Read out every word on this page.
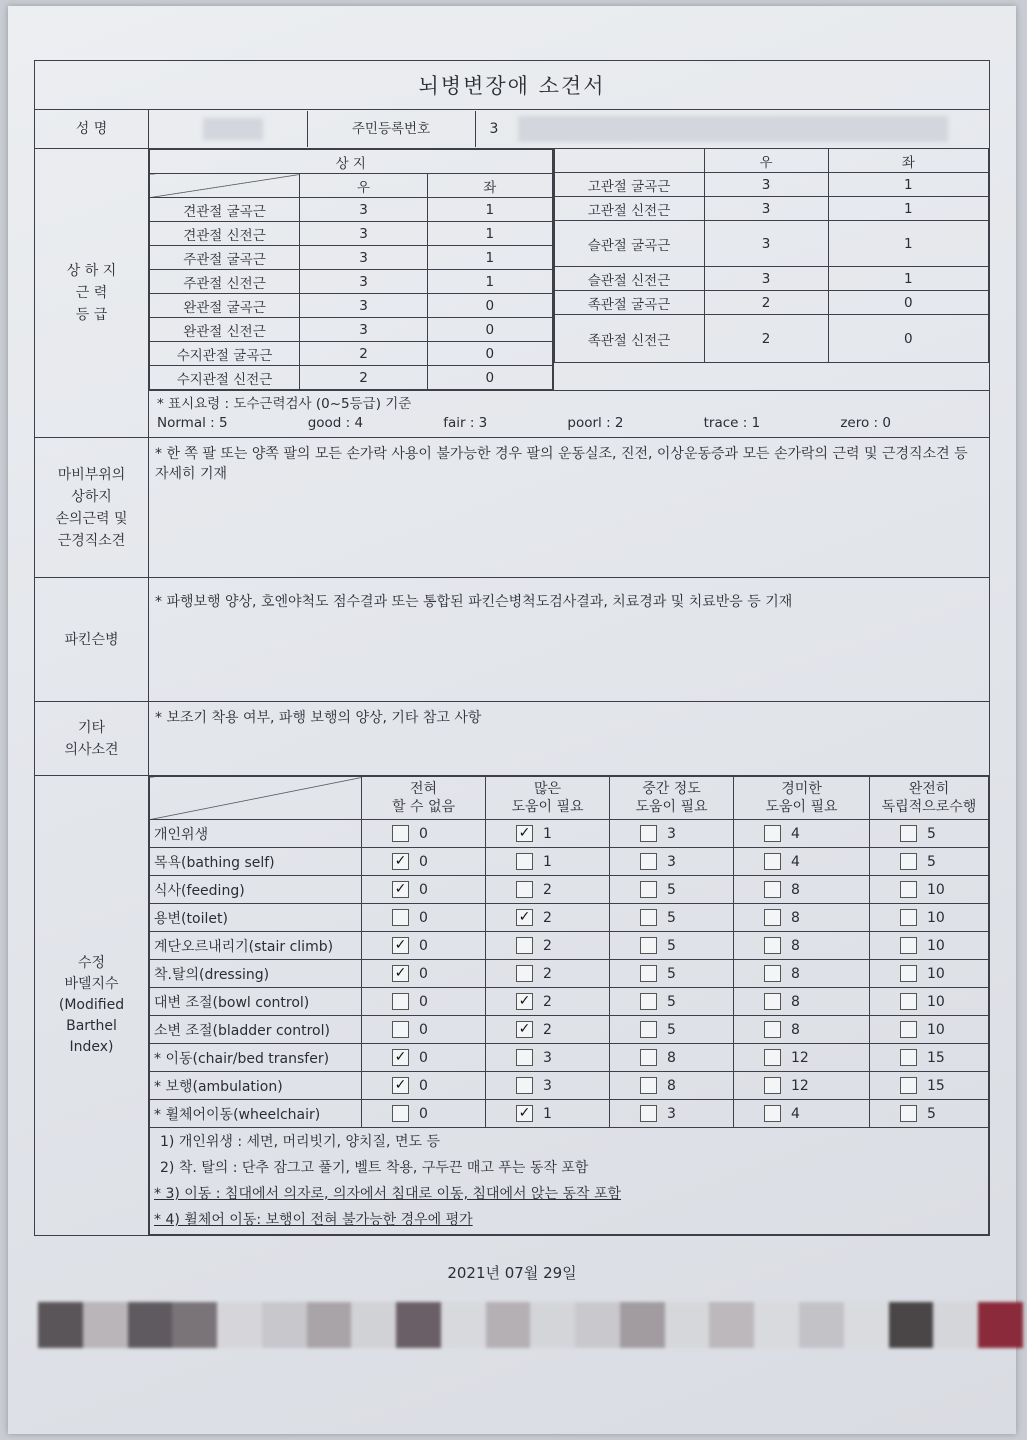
뇌병변장애 소견서
성 명	
		주민등록번호	3

상 하 지
근 력
등 급

상 지
	우	좌
견관절 굴곡근	3	1
견관절 신전근	3	1
주관절 굴곡근	3	1
주관절 신전근	3	1
완관절 굴곡근	3	0
완관절 신전근	3	0
수지관절 굴곡근	2	0
수지관절 신전근	2	0

	우	좌
고관절 굴곡근	3	1
고관절 신전근	3	1
슬관절 굴곡근	3	1
슬관절 신전근	3	1
족관절 굴곡근	2	0
족관절 신전근	2	0

* 표시요령 : 도수근력검사 (0~5등급) 기준
Normal : 5	good : 4	fair : 3	poorl : 2	trace : 1	zero : 0

마비부위의
상하지
손의근력 및
근경직소견
	* 한 쪽 팔 또는 양쪽 팔의 모든 손가락 사용이 불가능한 경우 팔의 운동실조, 진전, 이상운동증과 모든 손가락의 근력 및 근경직소견 등 자세히 기재
파킨슨병	* 파행보행 양상, 호엔야척도 점수결과 또는 통합된 파킨슨병척도검사결과, 치료경과 및 치료반응 등 기재

기타
의사소견
	* 보조기 착용 여부, 파행 보행의 양상, 기타 참고 사항

수정
바델지수
(Modified
Barthel
Index)

전혀
할 수 없음

많은
도움이 필요

중간 정도
도움이 필요

경미한
도움이 필요

완전히
독립적으로수행

개인위생	0	✓ 1	3	4	5

목욕(bathing self)	✓ 0	1	3	4	5

식사(feeding)	✓ 0	2	5	8	10

용변(toilet)	0	✓ 2	5	8	10

계단오르내리기(stair climb)	✓ 0	2	5	8	10

착.탈의(dressing)	✓ 0	2	5	8	10

대변 조절(bowl control)	0	✓ 2	5	8	10

소변 조절(bladder control)	0	✓ 2	5	8	10

* 이동(chair/bed transfer)	✓ 0	3	8	12	15

* 보행(ambulation)	✓ 0	3	8	12	15

* 휠체어이동(wheelchair)	0	✓ 1	3	4	5

1) 개인위생 : 세면, 머리빗기, 양치질, 면도 등
2) 착. 탈의 : 단추 잠그고 풀기, 벨트 착용, 구두끈 매고 푸는 동작 포함
* 3) 이동 : 침대에서 의자로, 의자에서 침대로 이동, 침대에서 앉는 동작 포함
* 4) 휠체어 이동: 보행이 전혀 불가능한 경우에 평가
2021년 07월 29일
